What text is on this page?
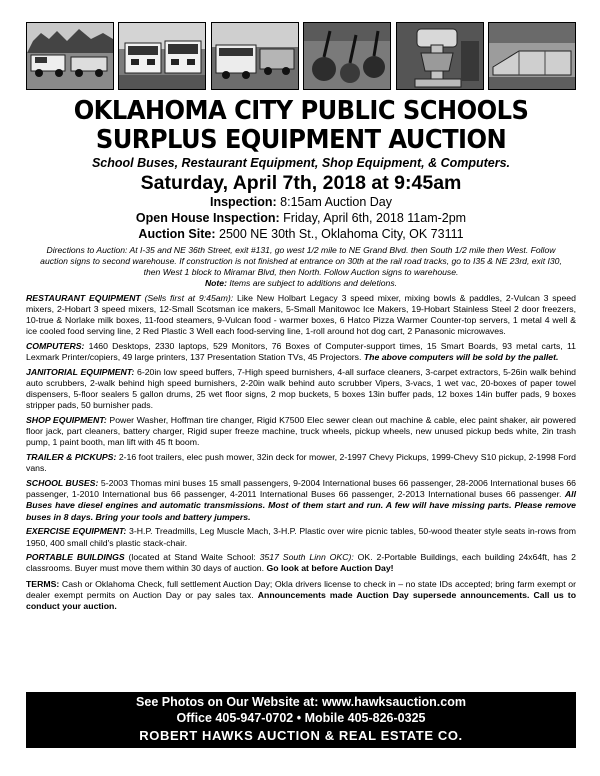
OKLAHOMA CITY PUBLIC SCHOOLS
SURPLUS EQUIPMENT AUCTION
School Buses, Restaurant Equipment, Shop Equipment, & Computers.
Saturday, April 7th, 2018 at 9:45am
Inspection: 8:15am Auction Day
Open House Inspection: Friday, April 6th, 2018 11am-2pm
Auction Site: 2500 NE 30th St., Oklahoma City, OK 73111
Directions to Auction: At I-35 and NE 36th Street, exit #131, go west 1/2 mile to NE Grand Blvd. then South 1/2 mile then West. Follow auction signs to second warehouse. If construction is not finished at entrance on 30th at the rail road tracks, go to I35 & NE 23rd, exit I30, then West 1 block to Miramar Blvd, then North. Follow Auction signs to warehouse.
Note: Items are subject to additions and deletions.
RESTAURANT EQUIPMENT (Sells first at 9:45am): Like New Holbart Legacy 3 speed mixer, mixing bowls & paddles, 2-Vulcan 3 speed mixers, 2-Hobart 3 speed mixers, 12-Small Scotsman ice makers, 5-Small Manitowoc Ice Makers, 19-Hobart Stainless Steel 2 door freezers, 10-true & Norlake milk boxes, 11-food steamers, 9-Vulcan food - warmer boxes, 6 Hatco Pizza Warmer Counter-top servers, 1 metal 4 well & ice cooled food serving line, 2 Red Plastic 3 Well each food-serving line, 1-roll around hot dog cart, 2 Panasonic microwaves.
COMPUTERS: 1460 Desktops, 2330 laptops, 529 Monitors, 76 Boxes of Computer-support times, 15 Smart Boards, 93 metal carts, 11 Lexmark Printer/copiers, 49 large printers, 137 Presentation Station TVs, 45 Projectors. The above computers will be sold by the pallet.
JANITORIAL EQUIPMENT: 6-20in low speed buffers, 7-High speed burnishers, 4-all surface cleaners, 3-carpet extractors, 5-26in walk behind auto scrubbers, 2-walk behind high speed burnishers, 2-20in walk behind auto scrubber Vipers, 3-vacs, 1 wet vac, 20-boxes of paper towel dispensers, 5-floor sealers 5 gallon drums, 25 wet floor signs, 2 mop buckets, 5 boxes 13in buffer pads, 12 boxes 14in buffer pads, 9 boxes stripper pads, 50 burnisher pads.
SHOP EQUIPMENT: Power Washer, Hoffman tire changer, Rigid K7500 Elec sewer clean out machine & cable, elec paint shaker, air powered floor jack, part cleaners, battery charger, Rigid super freeze machine, truck wheels, pickup wheels, new unused pickup beds white, 2in trash pump, 1 paint booth, man lift with 45 ft boom.
TRAILER & PICKUPS: 2-16 foot trailers, elec push mower, 32in deck for mower, 2-1997 Chevy Pickups, 1999-Chevy S10 pickup, 2-1998 Ford vans.
SCHOOL BUSES: 5-2003 Thomas mini buses 15 small passengers, 9-2004 International buses 66 passenger, 28-2006 International buses 66 passenger, 1-2010 International bus 66 passenger, 4-2011 International Buses 66 passenger, 2-2013 International buses 66 passenger. All Buses have diesel engines and automatic transmissions. Most of them start and run. A few will have missing parts. Please remove buses in 8 days. Bring your tools and battery jumpers.
EXERCISE EQUIPMENT: 3-H.P. Treadmills, Leg Muscle Mach, 3-H.P. Plastic over wire picnic tables, 50-wood theater style seats in-rows from 1950, 400 small child's plastic stack-chair.
PORTABLE BUILDINGS (located at Stand Waite School: 3517 South Linn OKC): OK. 2-Portable Buildings, each building 24x64ft, has 2 classrooms. Buyer must move them within 30 days of auction. Go look at before Auction Day!
TERMS: Cash or Oklahoma Check, full settlement Auction Day; Okla drivers license to check in – no state IDs accepted; bring farm exempt or dealer exempt permits on Auction Day or pay sales tax. Announcements made Auction Day supersede announcements. Call us to conduct your auction.
See Photos on Our Website at: www.hawksauction.com
Office 405-947-0702 • Mobile 405-826-0325
ROBERT HAWKS AUCTION & REAL ESTATE CO.
